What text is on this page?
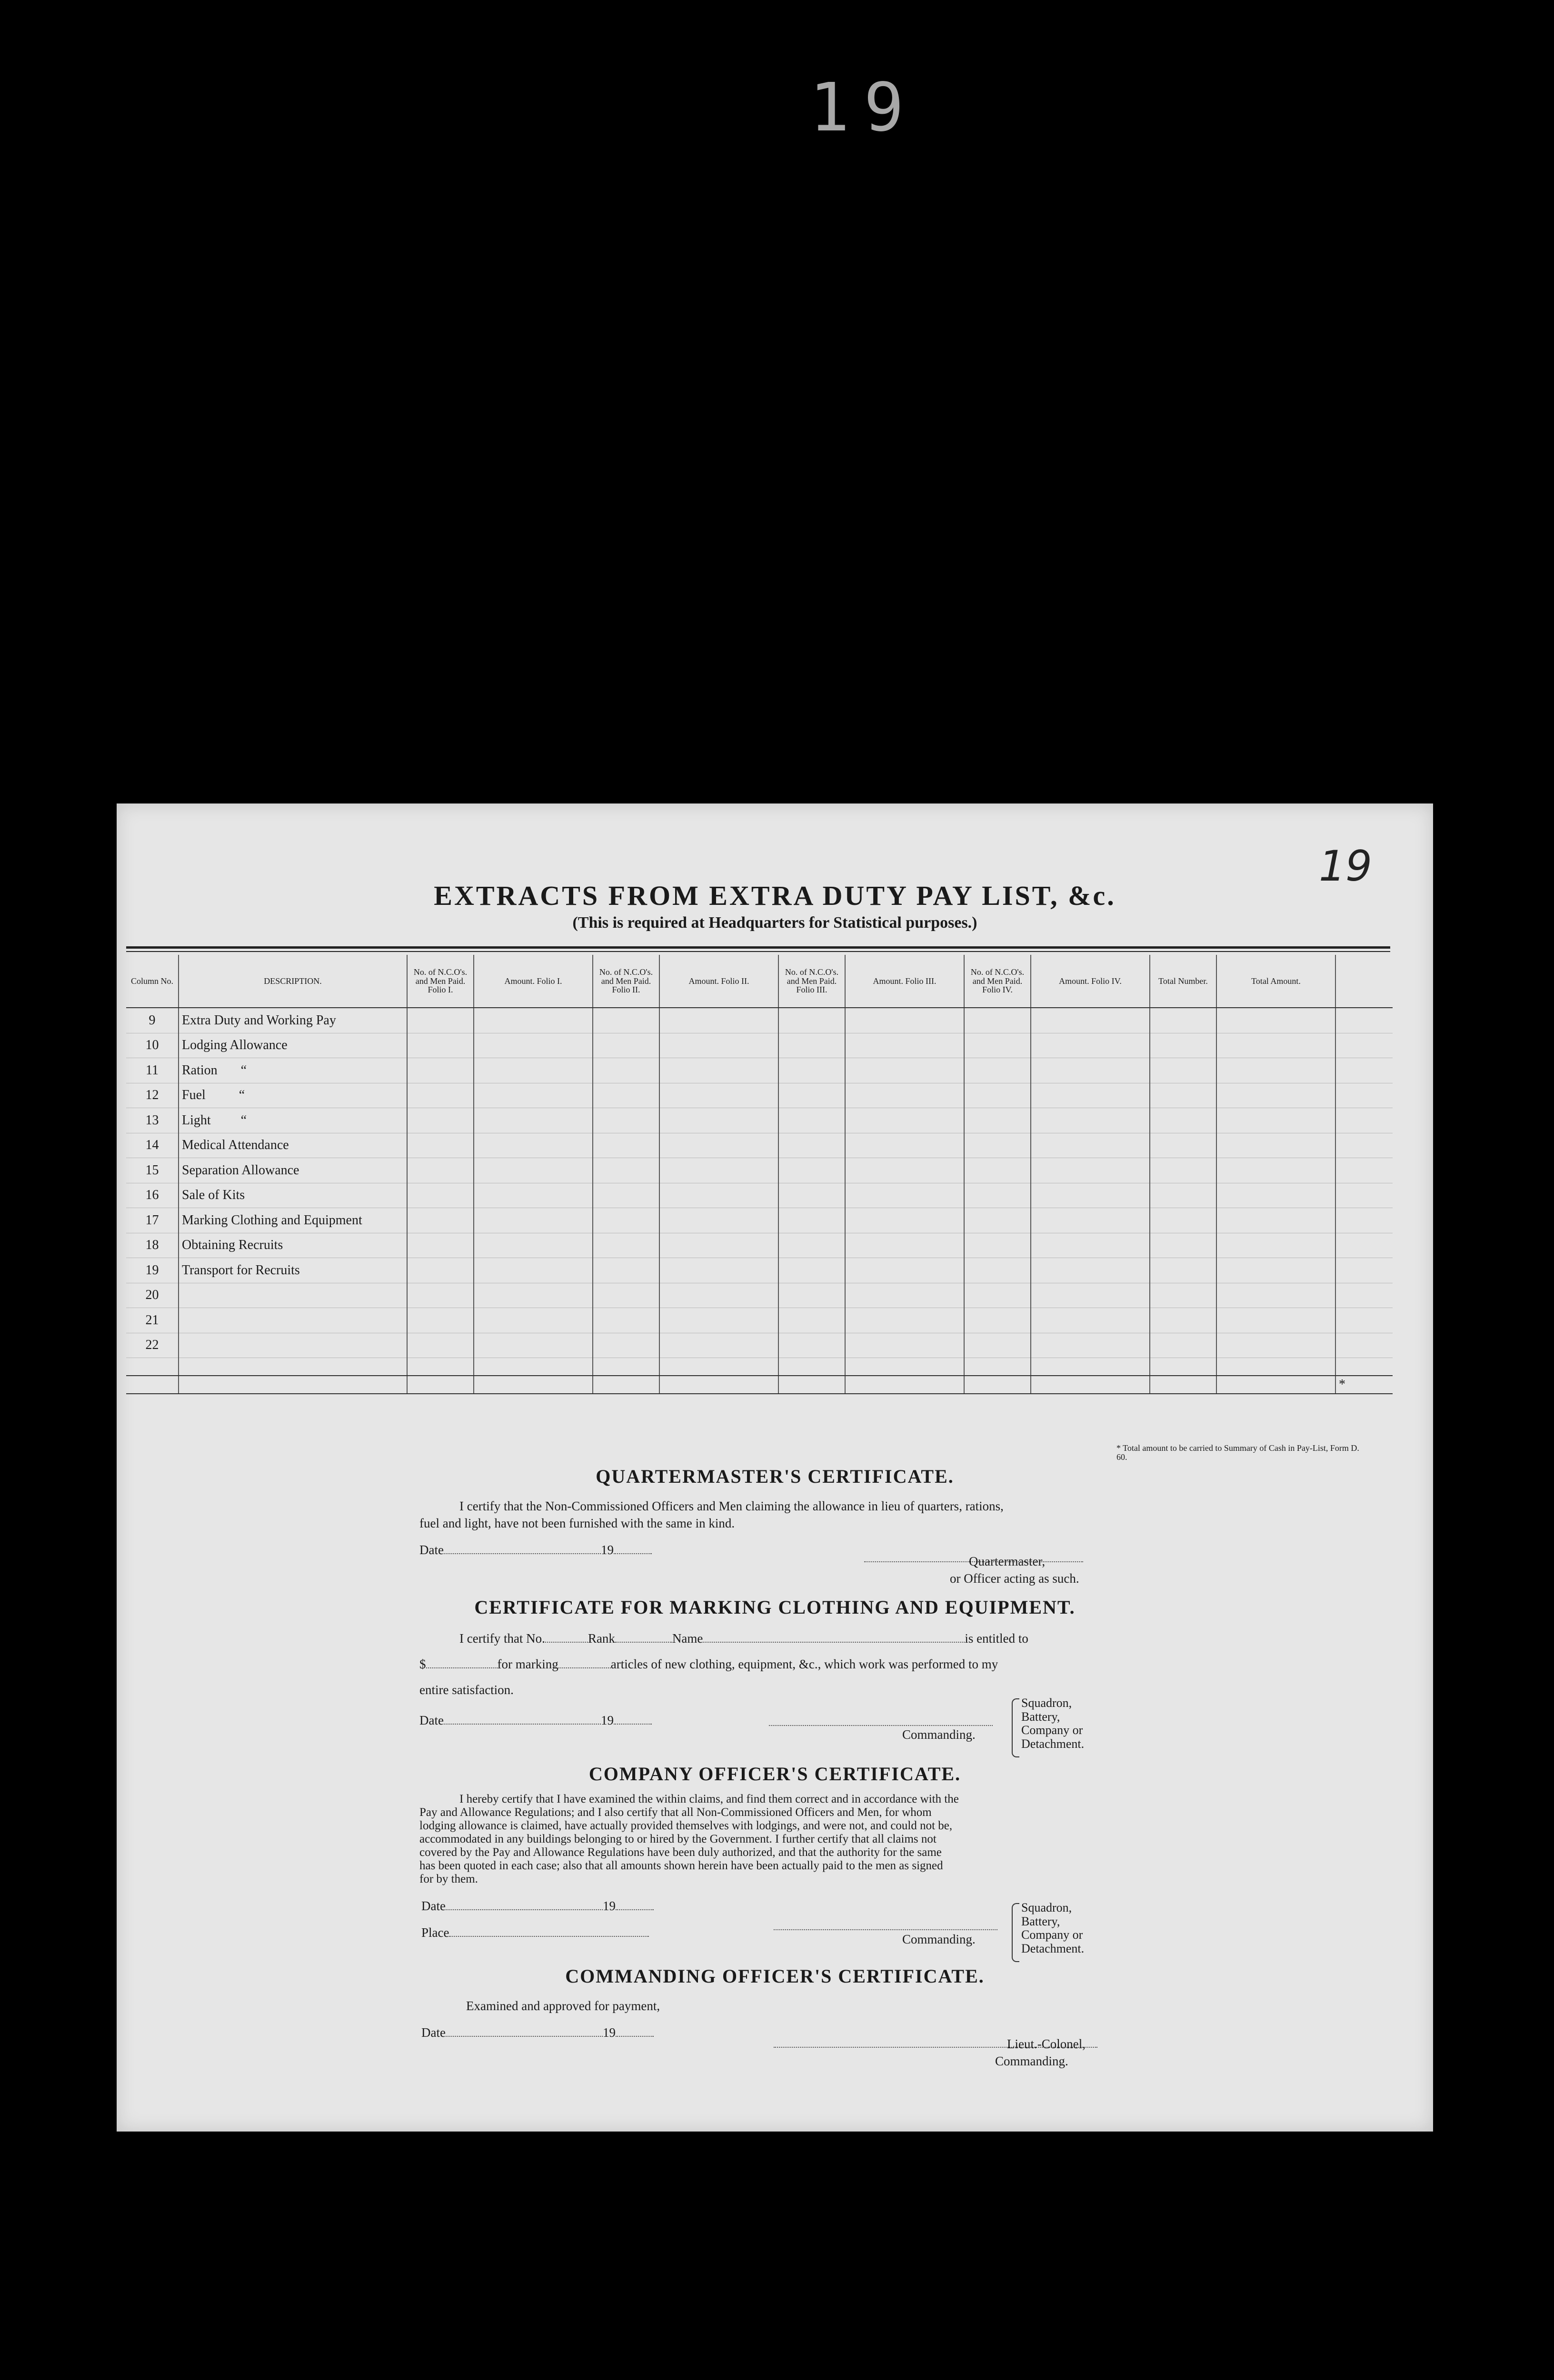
19
19
EXTRACTS FROM EXTRA DUTY PAY LIST, &c.
(This is required at Headquarters for Statistical purposes.)
Column No.	DESCRIPTION.	No. of N.C.O's. and Men Paid. Folio I.	Amount. Folio I.	No. of N.C.O's. and Men Paid. Folio II.	Amount. Folio II.	No. of N.C.O's. and Men Paid. Folio III.	Amount. Folio III.	No. of N.C.O's. and Men Paid. Folio IV.	Amount. Folio IV.	Total Number.	Total Amount.	
9	Extra Duty and Working Pay											
10	Lodging Allowance											
11	Ration       “											
12	Fuel          “											
13	Light         “											
14	Medical Attendance											
15	Separation Allowance											
16	Sale of Kits											
17	Marking Clothing and Equipment											
18	Obtaining Recruits											
19	Transport for Recruits											
20												
21												
22												

												*
* Total amount to be carried to Summary of Cash in Pay-List, Form D. 60.
QUARTERMASTER'S CERTIFICATE.
I certify that the Non-Commissioned Officers and Men claiming the allowance in lieu of quarters, rations,
fuel and light, have not been furnished with the same in kind.
Date	19
Quartermaster,
or Officer acting as such.
CERTIFICATE FOR MARKING CLOTHING AND EQUIPMENT.
I certify that No.	Rank	Name	is entitled to
$	for marking	articles of new clothing, equipment, &c., which work was performed to my
entire satisfaction.
Date	19
Commanding.
Squadron,
Battery,
Company or
Detachment.
COMPANY OFFICER'S CERTIFICATE.
I hereby certify that I have examined the within claims, and find them correct and in accordance with the
Pay and Allowance Regulations; and I also certify that all Non-Commissioned Officers and Men, for whom
lodging allowance is claimed, have actually provided themselves with lodgings, and were not, and could not be,
accommodated in any buildings belonging to or hired by the Government. I further certify that all claims not
covered by the Pay and Allowance Regulations have been duly authorized, and that the authority for the same
has been quoted in each case; also that all amounts shown herein have been actually paid to the men as signed
for by them.
Date	19
Place	Commanding.
Squadron,
Battery,
Company or
Detachment.
COMMANDING OFFICER'S CERTIFICATE.
Examined and approved for payment,
Date	19
Lieut.-Colonel,
Commanding.
